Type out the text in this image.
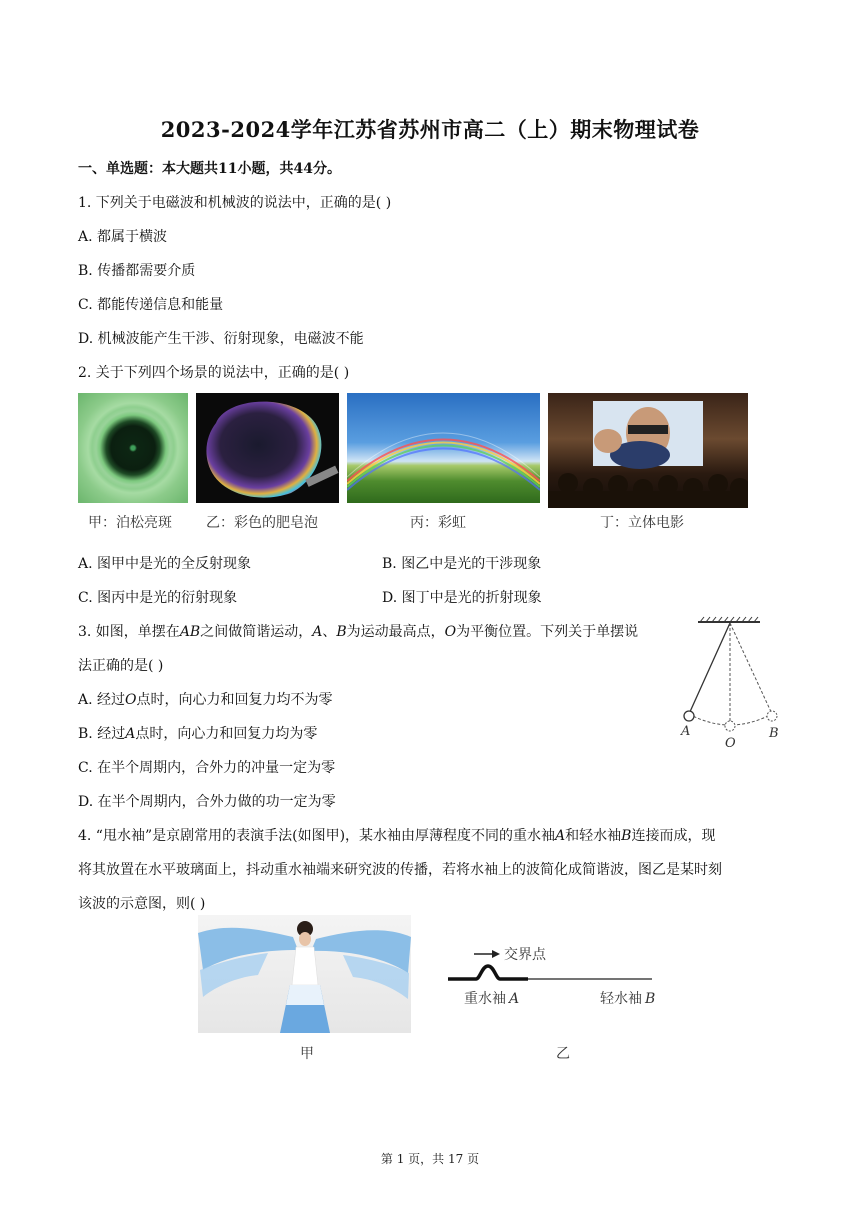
2023-2024学年江苏省苏州市高二（上）期末物理试卷
一、单选题：本大题共11小题，共44分。
1. 下列关于电磁波和机械波的说法中，正确的是( )
A. 都属于横波
B. 传播都需要介质
C. 都能传递信息和能量
D. 机械波能产生干涉、衍射现象，电磁波不能
2. 关于下列四个场景的说法中，正确的是( )
甲：泊松亮斑 乙：彩色的肥皂泡	丙：彩虹	丁：立体电影
A. 图甲中是光的全反射现象	B. 图乙中是光的干涉现象
C. 图丙中是光的衍射现象	D. 图丁中是光的折射现象
3. 如图，单摆在AB之间做简谐运动，A、B为运动最高点，O为平衡位置。下列关于单摆说
法正确的是( )
A. 经过O点时，向心力和回复力均不为零
B. 经过A点时，向心力和回复力均为零
C. 在半个周期内，合外力的冲量一定为零
D. 在半个周期内，合外力做的功一定为零
A
O
B
4. “甩水袖”是京剧常用的表演手法(如图甲)，某水袖由厚薄程度不同的重水袖A和轻水袖B连接而成，现
将其放置在水平玻璃面上，抖动重水袖端来研究波的传播，若将水袖上的波简化成简谐波，图乙是某时刻
该波的示意图，则( )
交界点
重水袖 A	轻水袖 B
甲	乙
第 1 页，共 17 页
